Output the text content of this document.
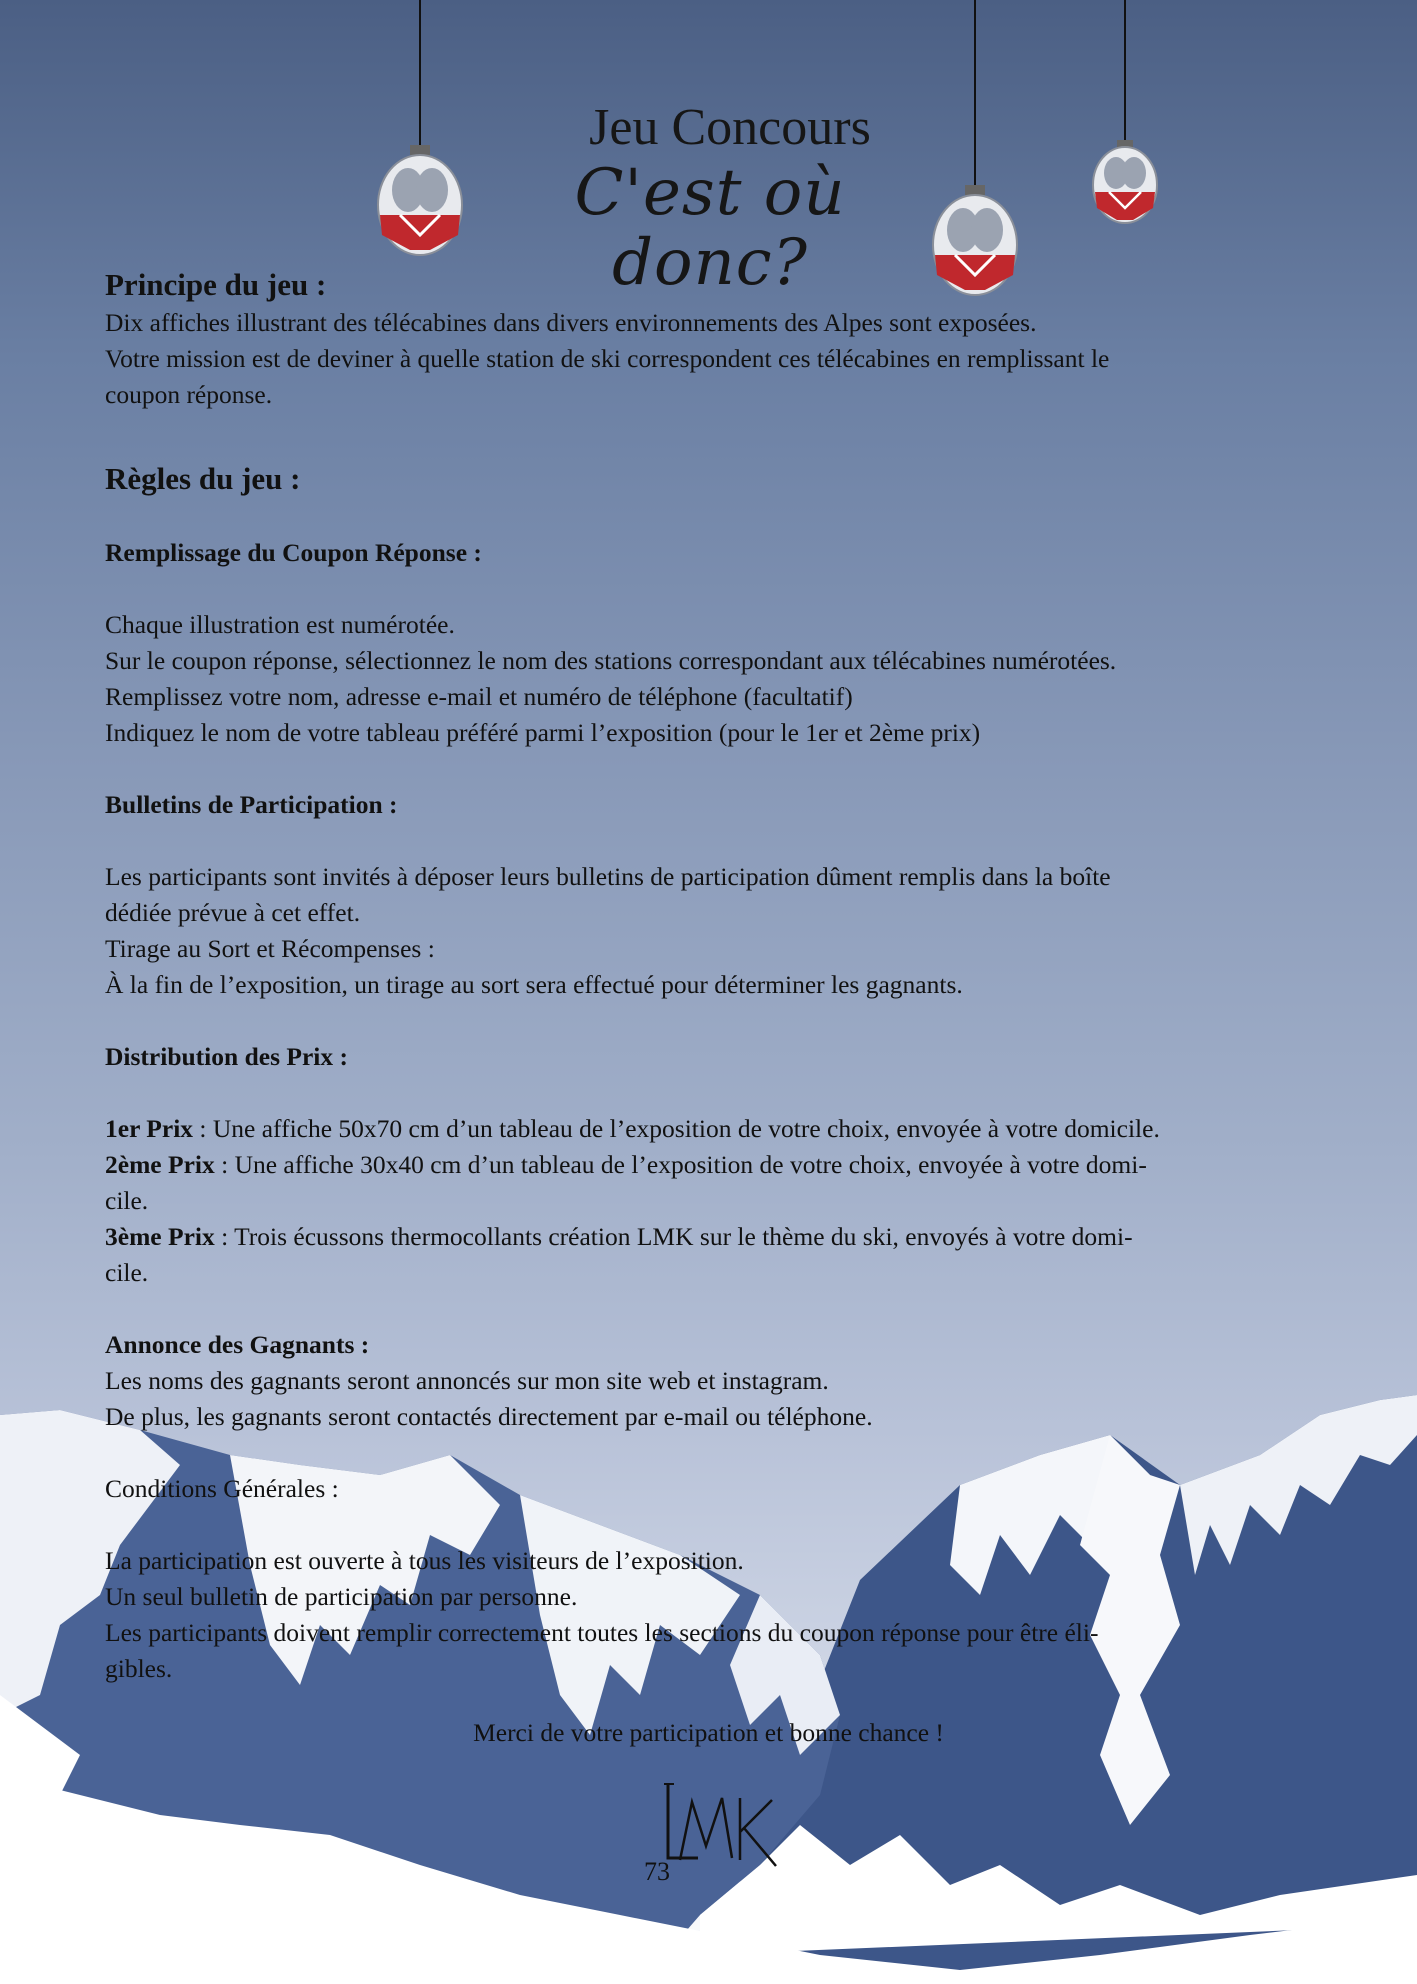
Jeu Concours
C'est où donc?

Principe du jeu :

Dix affiches illustrant des télécabines dans divers environnements des Alpes sont exposées.

Votre mission est de deviner à quelle station de ski correspondent ces télécabines en remplissant le

coupon réponse.

Règles du jeu :

Remplissage du Coupon Réponse :

Chaque illustration est numérotée.

Sur le coupon réponse, sélectionnez le nom des stations correspondant aux télécabines numérotées.

Remplissez votre nom, adresse e-mail et numéro de téléphone (facultatif)

Indiquez le nom de votre tableau préféré parmi l’exposition (pour le 1er et 2ème prix)

Bulletins de Participation :

Les participants sont invités à déposer leurs bulletins de participation dûment remplis dans la boîte

dédiée prévue à cet effet.

Tirage au Sort et Récompenses :

À la fin de l’exposition, un tirage au sort sera effectué pour déterminer les gagnants.

Distribution des Prix :

1er Prix : Une affiche 50x70 cm d’un tableau de l’exposition de votre choix, envoyée à votre domicile.

2ème Prix : Une affiche 30x40 cm d’un tableau de l’exposition de votre choix, envoyée à votre domi-

cile.

3ème Prix : Trois écussons thermocollants création LMK sur le thème du ski, envoyés à votre domi-

cile.

Annonce des Gagnants :

Les noms des gagnants seront annoncés sur mon site web et instagram.

De plus, les gagnants seront contactés directement par e-mail ou téléphone.

Conditions Générales :

La participation est ouverte à tous les visiteurs de l’exposition.

Un seul bulletin de participation par personne.

Les participants doivent remplir correctement toutes les sections du coupon réponse pour être éli-

gibles.

Merci de votre participation et bonne chance !
73
